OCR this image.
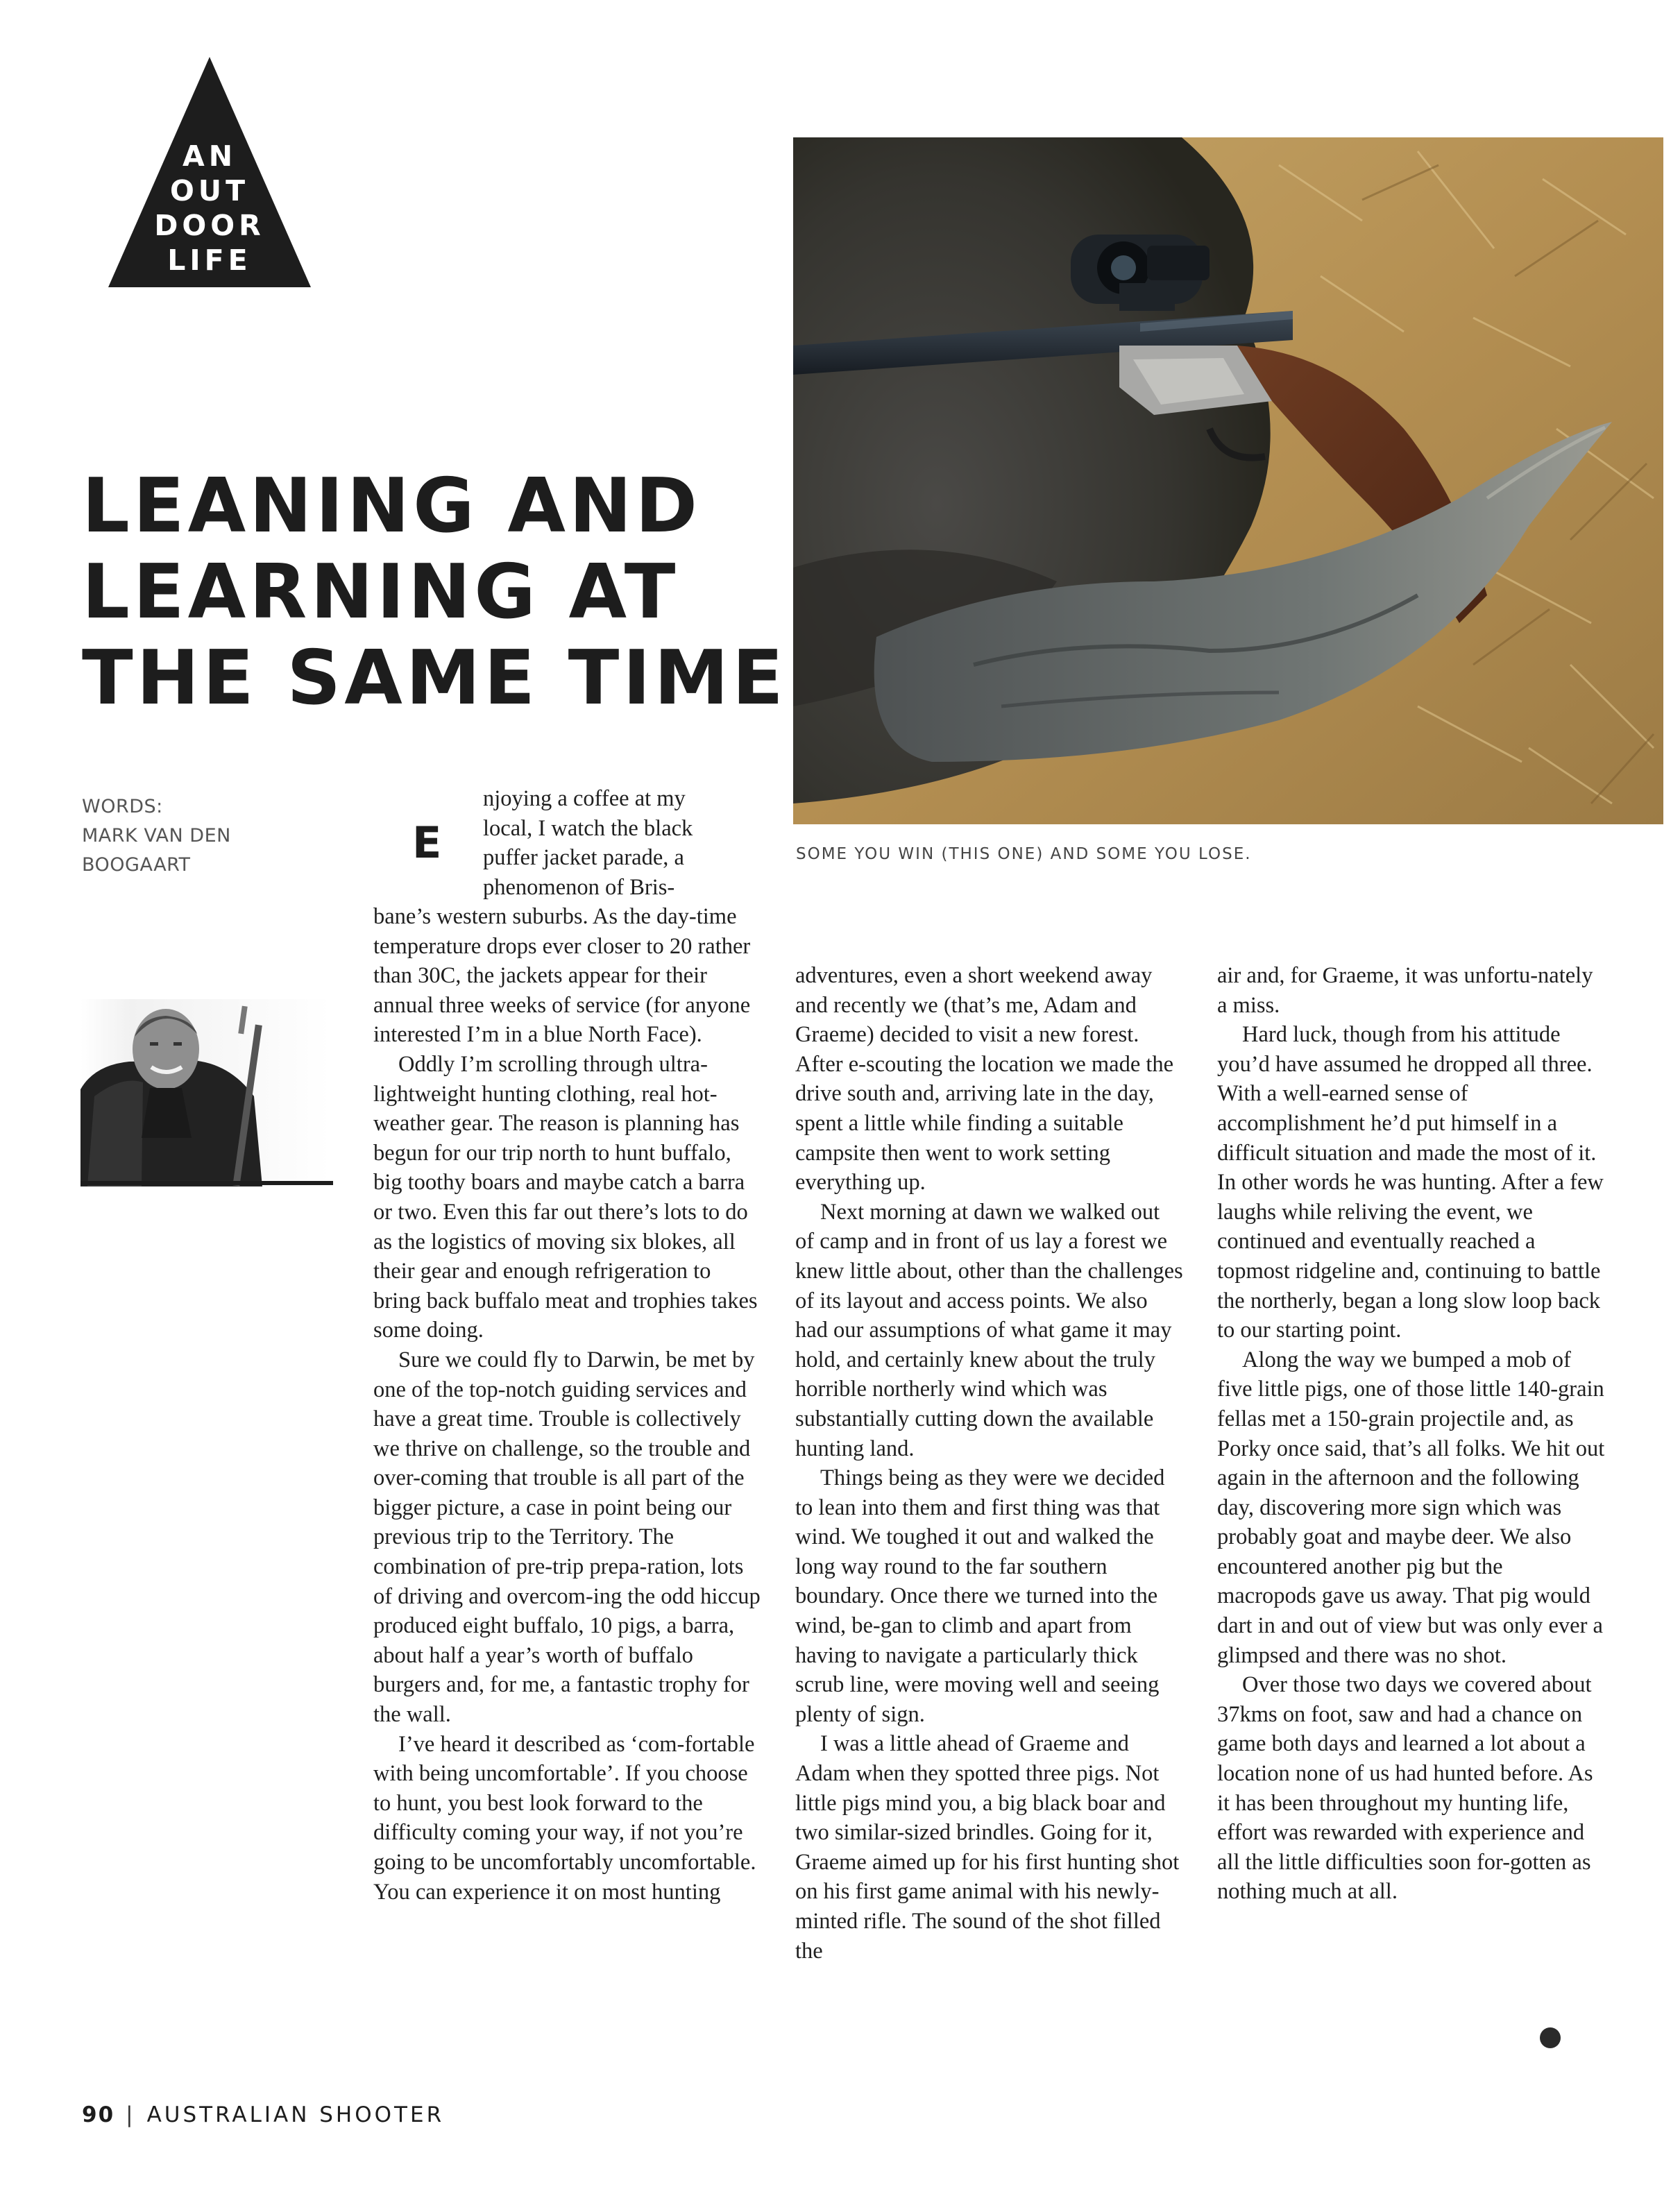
AN
OUT
DOOR
LIFE
LEANING AND
LEARNING AT
THE SAME TIME
WORDS:
MARK VAN DEN
BOOGAART	SOME YOU WIN (THIS ONE) AND SOME YOU LOSE.
E

njoying a coffee at my
local, I watch the black
puffer jacket parade, a
phenomenon of Bris-

bane’s western suburbs. As the day-time temperature drops ever closer to 20 rather than 30C, the jackets appear for their annual three weeks of service (for anyone interested I’m in a blue North Face).

Oddly I’m scrolling through ultra-lightweight hunting clothing, real hot-weather gear. The reason is planning has begun for our trip north to hunt buffalo, big toothy boars and maybe catch a barra or two. Even this far out there’s lots to do as the logistics of moving six blokes, all their gear and enough refrigeration to bring back buffalo meat and trophies takes some doing.

Sure we could fly to Darwin, be met by one of the top-notch guiding services and have a great time. Trouble is collectively we thrive on challenge, so the trouble and over-coming that trouble is all part of the bigger picture, a case in point being our previous trip to the Territory. The combination of pre-trip prepa-ration, lots of driving and overcom-ing the odd hiccup produced eight buffalo, 10 pigs, a barra, about half a year’s worth of buffalo burgers and, for me, a fantastic trophy for the wall.

I’ve heard it described as ‘com-fortable with being uncomfortable’. If you choose to hunt, you best look forward to the difficulty coming your way, if not you’re going to be uncomfortably uncomfortable. You can experience it on most hunting

adventures, even a short weekend away and recently we (that’s me, Adam and Graeme) decided to visit a new forest. After e-scouting the location we made the drive south and, arriving late in the day, spent a little while finding a suitable campsite then went to work setting everything up.

Next morning at dawn we walked out of camp and in front of us lay a forest we knew little about, other than the challenges of its layout and access points. We also had our assumptions of what game it may hold, and certainly knew about the truly horrible northerly wind which was substantially cutting down the available hunting land.

Things being as they were we decided to lean into them and first thing was that wind. We toughed it out and walked the long way round to the far southern boundary. Once there we turned into the wind, be-gan to climb and apart from having to navigate a particularly thick scrub line, were moving well and seeing plenty of sign.

I was a little ahead of Graeme and Adam when they spotted three pigs. Not little pigs mind you, a big black boar and two similar-sized brindles. Going for it, Graeme aimed up for his first hunting shot on his first game animal with his newly-minted rifle. The sound of the shot filled the

air and, for Graeme, it was unfortu-nately a miss.

Hard luck, though from his attitude you’d have assumed he dropped all three. With a well-earned sense of accomplishment he’d put himself in a difficult situation and made the most of it. In other words he was hunting. After a few laughs while reliving the event, we continued and eventually reached a topmost ridgeline and, continuing to battle the northerly, began a long slow loop back to our starting point.

Along the way we bumped a mob of five little pigs, one of those little 140-grain fellas met a 150-grain projectile and, as Porky once said, that’s all folks. We hit out again in the afternoon and the following day, discovering more sign which was probably goat and maybe deer. We also encountered another pig but the macropods gave us away. That pig would dart in and out of view but was only ever a glimpsed and there was no shot.

Over those two days we covered about 37kms on foot, saw and had a chance on game both days and learned a lot about a location none of us had hunted before. As it has been throughout my hunting life, effort was rewarded with experience and all the little difficulties soon for-gotten as nothing much at all.

90 | AUSTRALIAN SHOOTER
